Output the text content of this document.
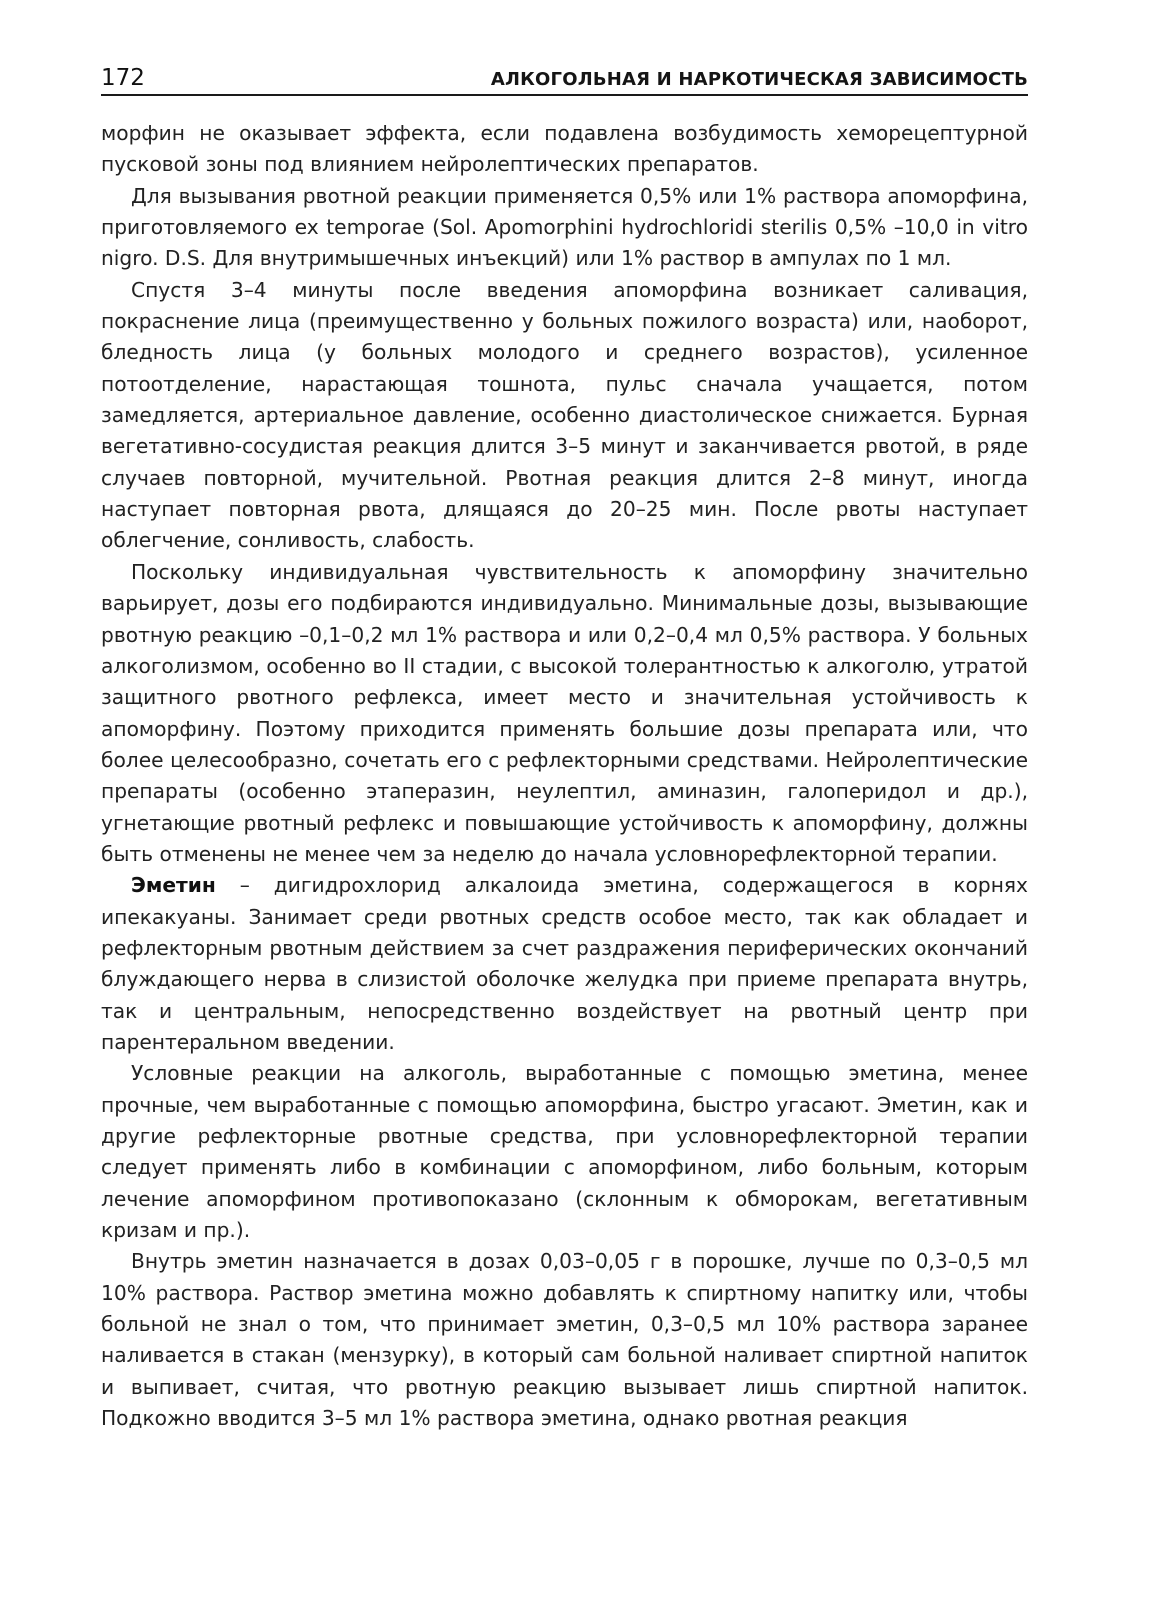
172	АЛКОГОЛЬНАЯ И НАРКОТИЧЕСКАЯ ЗАВИСИМОСТЬ

морфин не оказывает эффекта, если подавлена возбудимость хеморецептурной пусковой зоны под влиянием нейролептических препаратов.

Для вызывания рвотной реакции применяется 0,5% или 1% раствора апоморфина, приготовляемого ex temporae (Sol. Apomorphini hydrochloridi sterilis 0,5% –10,0 in vitro nigro. D.S. Для внутримышечных инъекций) или 1% раствор в ампулах по 1 мл.

Спустя 3–4 минуты после введения апоморфина возникает саливация, покраснение лица (преимущественно у больных пожилого возраста) или, наоборот, бледность лица (у больных молодого и среднего возрастов), усиленное потоотделение, нарастающая тошнота, пульс сначала учащается, потом замедляется, артериальное давление, особенно диастолическое снижается. Бурная вегетативно-сосудистая реакция длится 3–5 минут и заканчивается рвотой, в ряде случаев повторной, мучительной. Рвотная реакция длится 2–8 минут, иногда наступает повторная рвота, длящаяся до 20–25 мин. После рвоты наступает облегчение, сонливость, слабость.

Поскольку индивидуальная чувствительность к апоморфину значительно варьирует, дозы его подбираются индивидуально. Минимальные дозы, вызывающие рвотную реакцию –0,1–0,2 мл 1% раствора и или 0,2–0,4 мл 0,5% раствора. У больных алкоголизмом, особенно во II стадии, с высокой толерантностью к алкоголю, утратой защитного рвотного рефлекса, имеет место и значительная устойчивость к апоморфину. Поэтому приходится применять большие дозы препарата или, что более целесообразно, сочетать его с рефлекторными средствами. Нейролептические препараты (особенно этаперазин, неулептил, аминазин, галоперидол и др.), угнетающие рвотный рефлекс и повышающие устойчивость к апоморфину, должны быть отменены не менее чем за неделю до начала условнорефлекторной терапии.

Эметин – дигидрохлорид алкалоида эметина, содержащегося в корнях ипекакуаны. Занимает среди рвотных средств особое место, так как обладает и рефлекторным рвотным действием за счет раздражения периферических окончаний блуждающего нерва в слизистой оболочке желудка при приеме препарата внутрь, так и центральным, непосредственно воздействует на рвотный центр при парентеральном введении.

Условные реакции на алкоголь, выработанные с помощью эметина, менее прочные, чем выработанные с помощью апоморфина, быстро угасают. Эметин, как и другие рефлекторные рвотные средства, при условнорефлекторной терапии следует применять либо в комбинации с апоморфином, либо больным, которым лечение апоморфином противопоказано (склонным к обморокам, вегетативным кризам и пр.).

Внутрь эметин назначается в дозах 0,03–0,05 г в порошке, лучше по 0,3–0,5 мл 10% раствора. Раствор эметина можно добавлять к спиртному напитку или, чтобы больной не знал о том, что принимает эметин, 0,3–0,5 мл 10% раствора заранее наливается в стакан (мензурку), в который сам больной наливает спиртной напиток и выпивает, считая, что рвотную реакцию вызывает лишь спиртной напиток. Подкожно вводится 3–5 мл 1% раствора эметина, однако рвотная реакция
